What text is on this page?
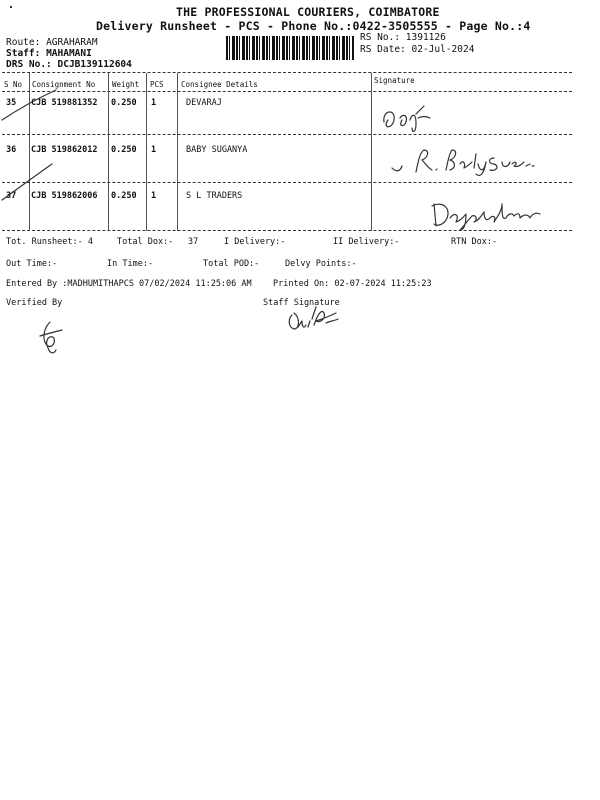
THE PROFESSIONAL COURIERS, COIMBATORE
Delivery Runsheet - PCS - Phone No.:0422-3505555 - Page No.:4
Route: AGRAHARAM
Staff: MAHAMANI
DRS No.: DCJB139112604
RS No.: 1391126
RS Date: 02-Jul-2024
S No Consignment No Weight PCS Consignee Details	Signature
35 CJB 519881352 0.250 1	DEVARAJ
36 CJB 519862012 0.250 1	BABY SUGANYA
37 CJB 519862006 0.250 1	S L TRADERS
Tot. Runsheet:- 4	Total Dox:- 37	I Delivery:-	II Delivery:-	RTN Dox:-
Out Time:-	In Time:-	Total POD:-	Delvy Points:-
Entered By :MADHUMITHAPCS 07/02/2024 11:25:06 AM	Printed On: 02-07-2024 11:25:23
Verified By	Staff Signature
